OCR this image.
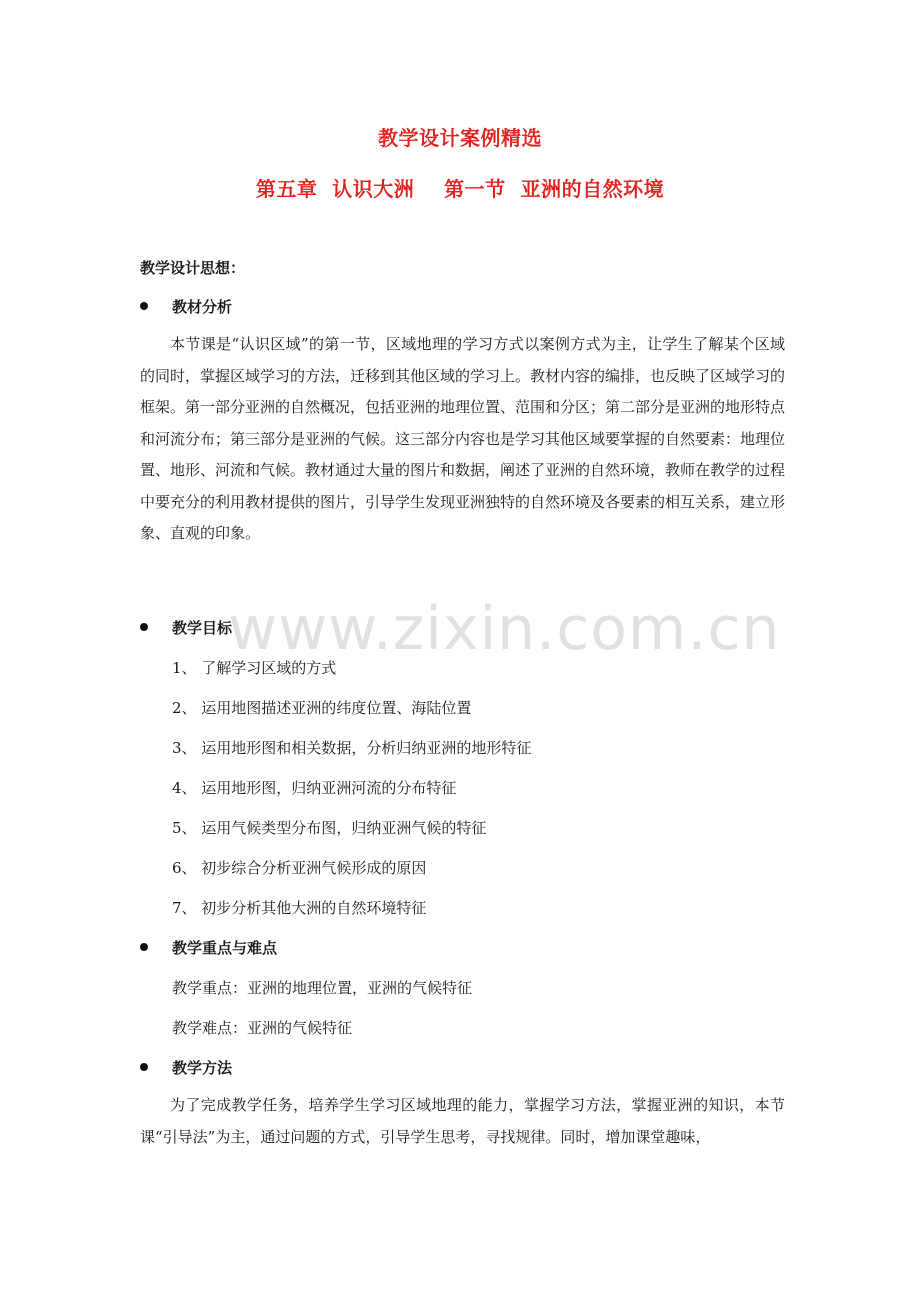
教学设计案例精选
第五章  认识大洲 第一节  亚洲的自然环境
教学设计思想：
教材分析

本节课是“认识区域”的第一节，区域地理的学习方式以案例方式为主，让学生了解某个区域的同时，掌握区域学习的方法，迁移到其他区域的学习上。教材内容的编排，也反映了区域学习的框架。第一部分亚洲的自然概况，包括亚洲的地理位置、范围和分区；第二部分是亚洲的地形特点和河流分布；第三部分是亚洲的气候。这三部分内容也是学习其他区域要掌握的自然要素：地理位置、地形、河流和气候。教材通过大量的图片和数据，阐述了亚洲的自然环境，教师在教学的过程中要充分的利用教材提供的图片，引导学生发现亚洲独特的自然环境及各要素的相互关系，建立形象、直观的印象。

教学目标
1、 了解学习区域的方式
2、 运用地图描述亚洲的纬度位置、海陆位置
3、 运用地形图和相关数据，分析归纳亚洲的地形特征
4、 运用地形图，归纳亚洲河流的分布特征
5、 运用气候类型分布图，归纳亚洲气候的特征
6、 初步综合分析亚洲气候形成的原因
7、 初步分析其他大洲的自然环境特征
教学重点与难点
教学重点：亚洲的地理位置，亚洲的气候特征
教学难点：亚洲的气候特征
教学方法

为了完成教学任务，培养学生学习区域地理的能力，掌握学习方法，掌握亚洲的知识，本节课“引导法”为主，通过问题的方式，引导学生思考，寻找规律。同时，增加课堂趣味，

www.zixin.com.cn
